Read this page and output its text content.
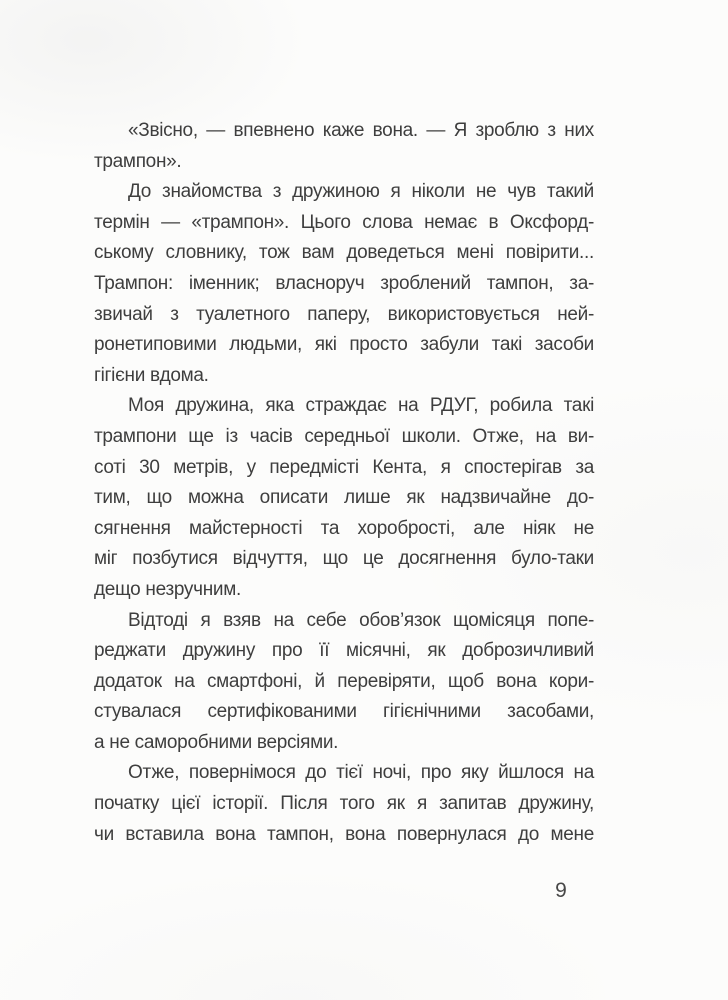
«Звісно, — впевнено каже вона. — Я зроблю з них
трампон».
До знайомства з дружиною я ніколи не чув такий
термін — «трампон». Цього слова немає в Оксфорд-
ському словнику, тож вам доведеться мені повірити...
Трампон: іменник; власноруч зроблений тампон, за-
звичай з туалетного паперу, використовується ней-
ронетиповими людьми, які просто забули такі засоби
гігієни вдома.
Моя дружина, яка страждає на РДУГ, робила такі
трампони ще із часів середньої школи. Отже, на ви-
соті 30 метрів, у передмісті Кента, я спостерігав за
тим, що можна описати лише як надзвичайне до-
сягнення майстерності та хоробрості, але ніяк не
міг позбутися відчуття, що це досягнення було-таки
дещо незручним.
Відтоді я взяв на себе обов’язок щомісяця попе-
реджати дружину про її місячні, як доброзичливий
додаток на смартфоні, й перевіряти, щоб вона кори-
стувалася сертифікованими гігієнічними засобами,
а не саморобними версіями.
Отже, повернімося до тієї ночі, про яку йшлося на
початку цієї історії. Після того як я запитав дружину,
чи вставила вона тампон, вона повернулася до мене
9
